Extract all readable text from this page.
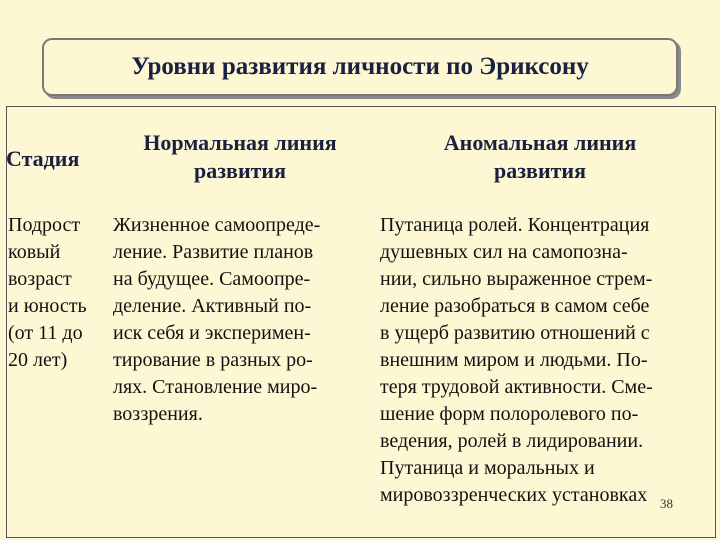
Уровни развития личности по Эриксону
Стадия
Нормальная линия
развития
Аномальная линия
развития
Подрост
ковый
возраст
и юность
(от 11 до
20 лет)
Жизненное самоопреде-
ление. Развитие планов
на будущее. Самоопре-
деление. Активный по-
иск себя и эксперимен-
тирование в разных ро-
лях. Становление миро-
воззрения.
Путаница ролей. Концентрация
душевных сил на самопозна-
нии, сильно выраженное стрем-
ление разобраться в самом себе
в ущерб развитию отношений с
внешним миром и людьми. По-
теря трудовой активности. Сме-
шение форм полоролевого по-
ведения, ролей в лидировании.
Путаница и моральных и
мировоззренческих установках 38
